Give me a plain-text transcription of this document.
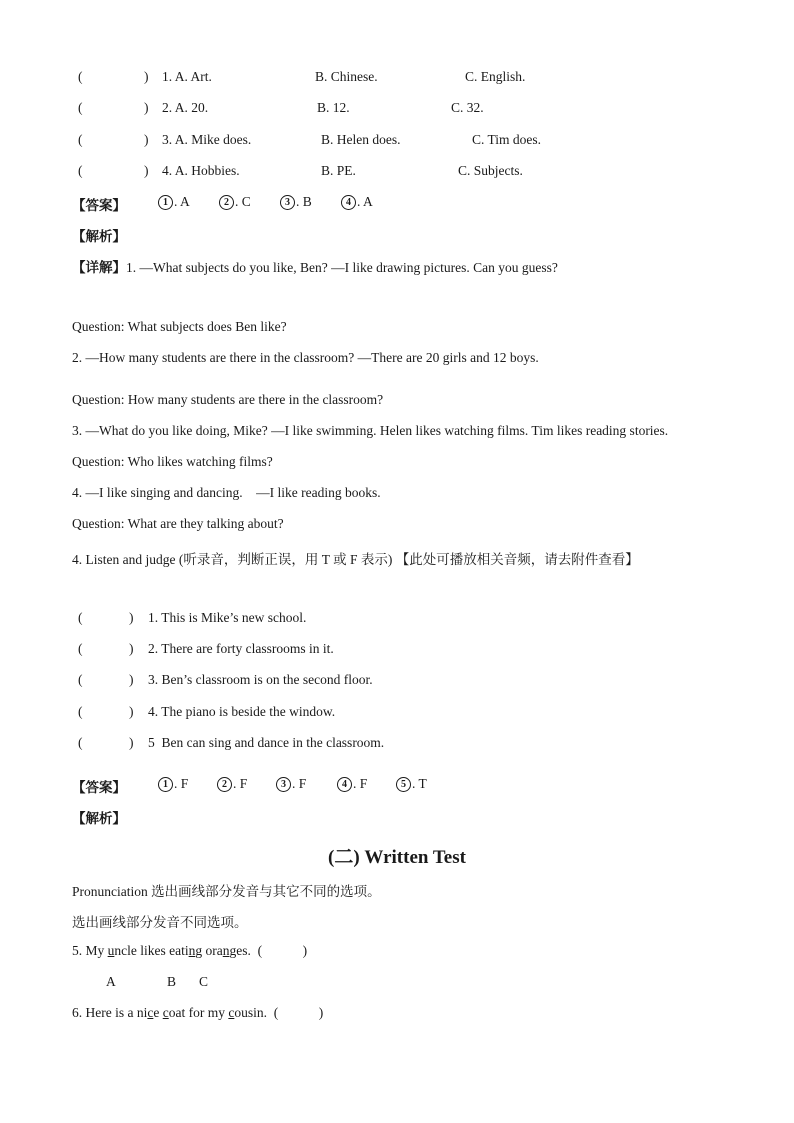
(	) 1. A. Art.	B. Chinese.	C. English.
(	) 2. A. 20.	B. 12.	C. 32.
(	) 3. A. Mike does.	B. Helen does.	C. Tim does.
(	) 4. A. Hobbies.	B. PE.	C. Subjects.
【答案】	1 . A	2 . C	3 . B	4 . A
【解析】
【详解】1. —What subjects do you like, Ben? —I like drawing pictures. Can you guess?
Question: What subjects does Ben like?
2. —How many students are there in the classroom? —There are 20 girls and 12 boys.
Question: How many students are there in the classroom?
3. —What do you like doing, Mike? —I like swimming. Helen likes watching films. Tim likes reading stories.
Question: Who likes watching films?
4. —I like singing and dancing.    —I like reading books.
Question: What are they talking about?
4. Listen and judge (听录音，判断正误，用 T 或 F 表示) 【此处可播放相关音频，请去附件查看】
(	) 1. This is Mike’s new school.
(	) 2. There are forty classrooms in it.
(	) 3. Ben’s classroom is on the second floor.
(	) 4. The piano is beside the window.
(	) 5  Ben can sing and dance in the classroom.
【答案】	1 . F	2 . F	3 . F	4 . F	5 . T
【解析】
(二) Written Test
Pronunciation 选出画线部分发音与其它不同的选项。
选出画线部分发音不同选项。
5. My uncle likes eating oranges.  (	)
A	B C
6. Here is a nice coat for my cousin.  (	)
